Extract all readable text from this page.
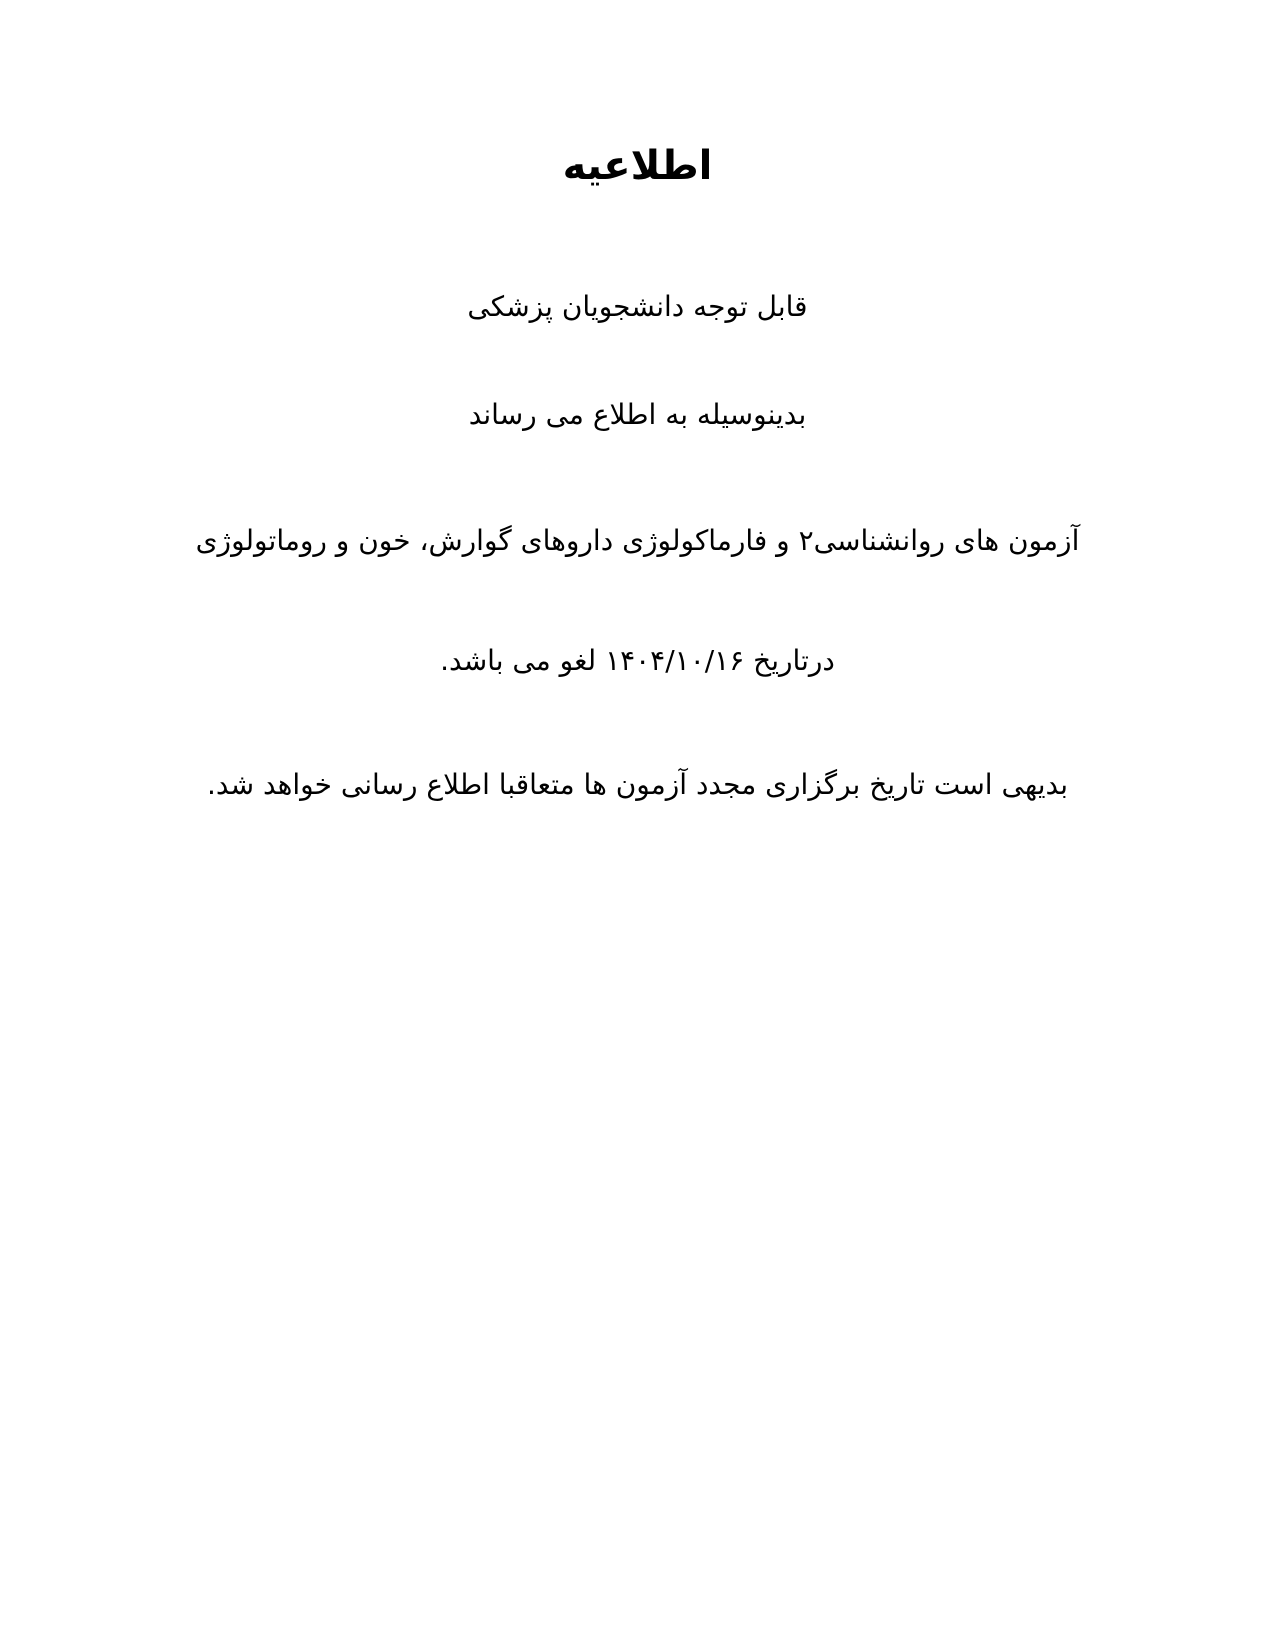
اطلاعیه
قابل توجه دانشجویان پزشکی
بدینوسیله به اطلاع می رساند
آزمون های روانشناسی۲ و فارماکولوژی داروهای گوارش، خون و روماتولوژی
درتاریخ ۱۴۰۴/۱۰/۱۶ لغو می باشد.
بدیهی است تاریخ برگزاری مجدد آزمون ها متعاقبا اطلاع رسانی خواهد شد.
